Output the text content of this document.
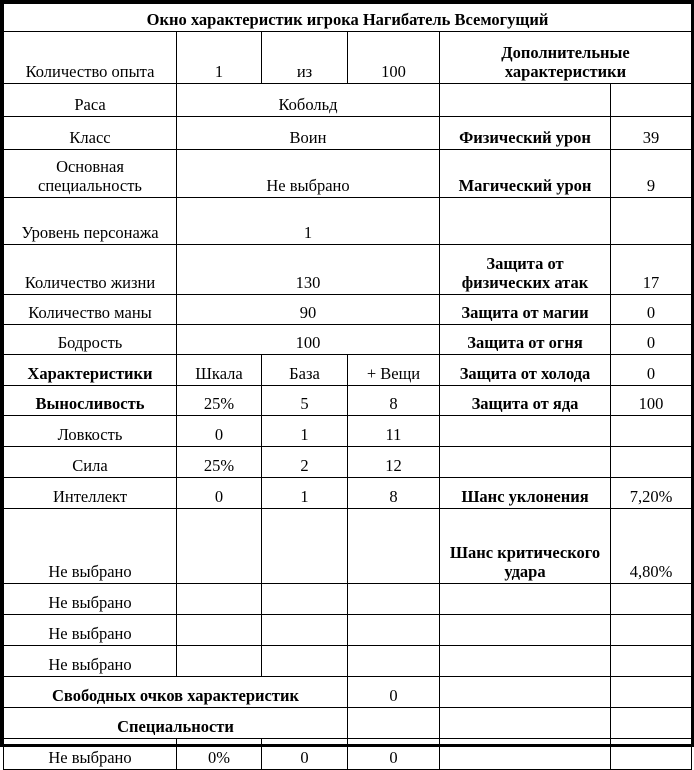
Окно характеристик игрока Нагибатель Всемогущий					
Количество опыта	1	из	100	Дополнительные характеристики	
Раса	Кобольд				
Класс	Воин			Физический урон	39
Основная специальность	Не выбрано			Магический урон	9
Уровень персонажа	1				
Количество жизни	130			Защита от физических атак	17
Количество маны	90			Защита от магии	0
Бодрость	100			Защита от огня	0
Характеристики	Шкала	База	+ Вещи	Защита от холода	0
Выносливость	25%	5	8	Защита от яда	100
Ловкость	0	1	11		
Сила	25%	2	12		
Интеллект	0	1	8	Шанс уклонения	7,20%
Не выбрано				Шанс критического удара	4,80%
Не выбрано					
Не выбрано					
Не выбрано					
Свободных очков характеристик			0		
Специальности					
Не выбрано	0%	0	0		
